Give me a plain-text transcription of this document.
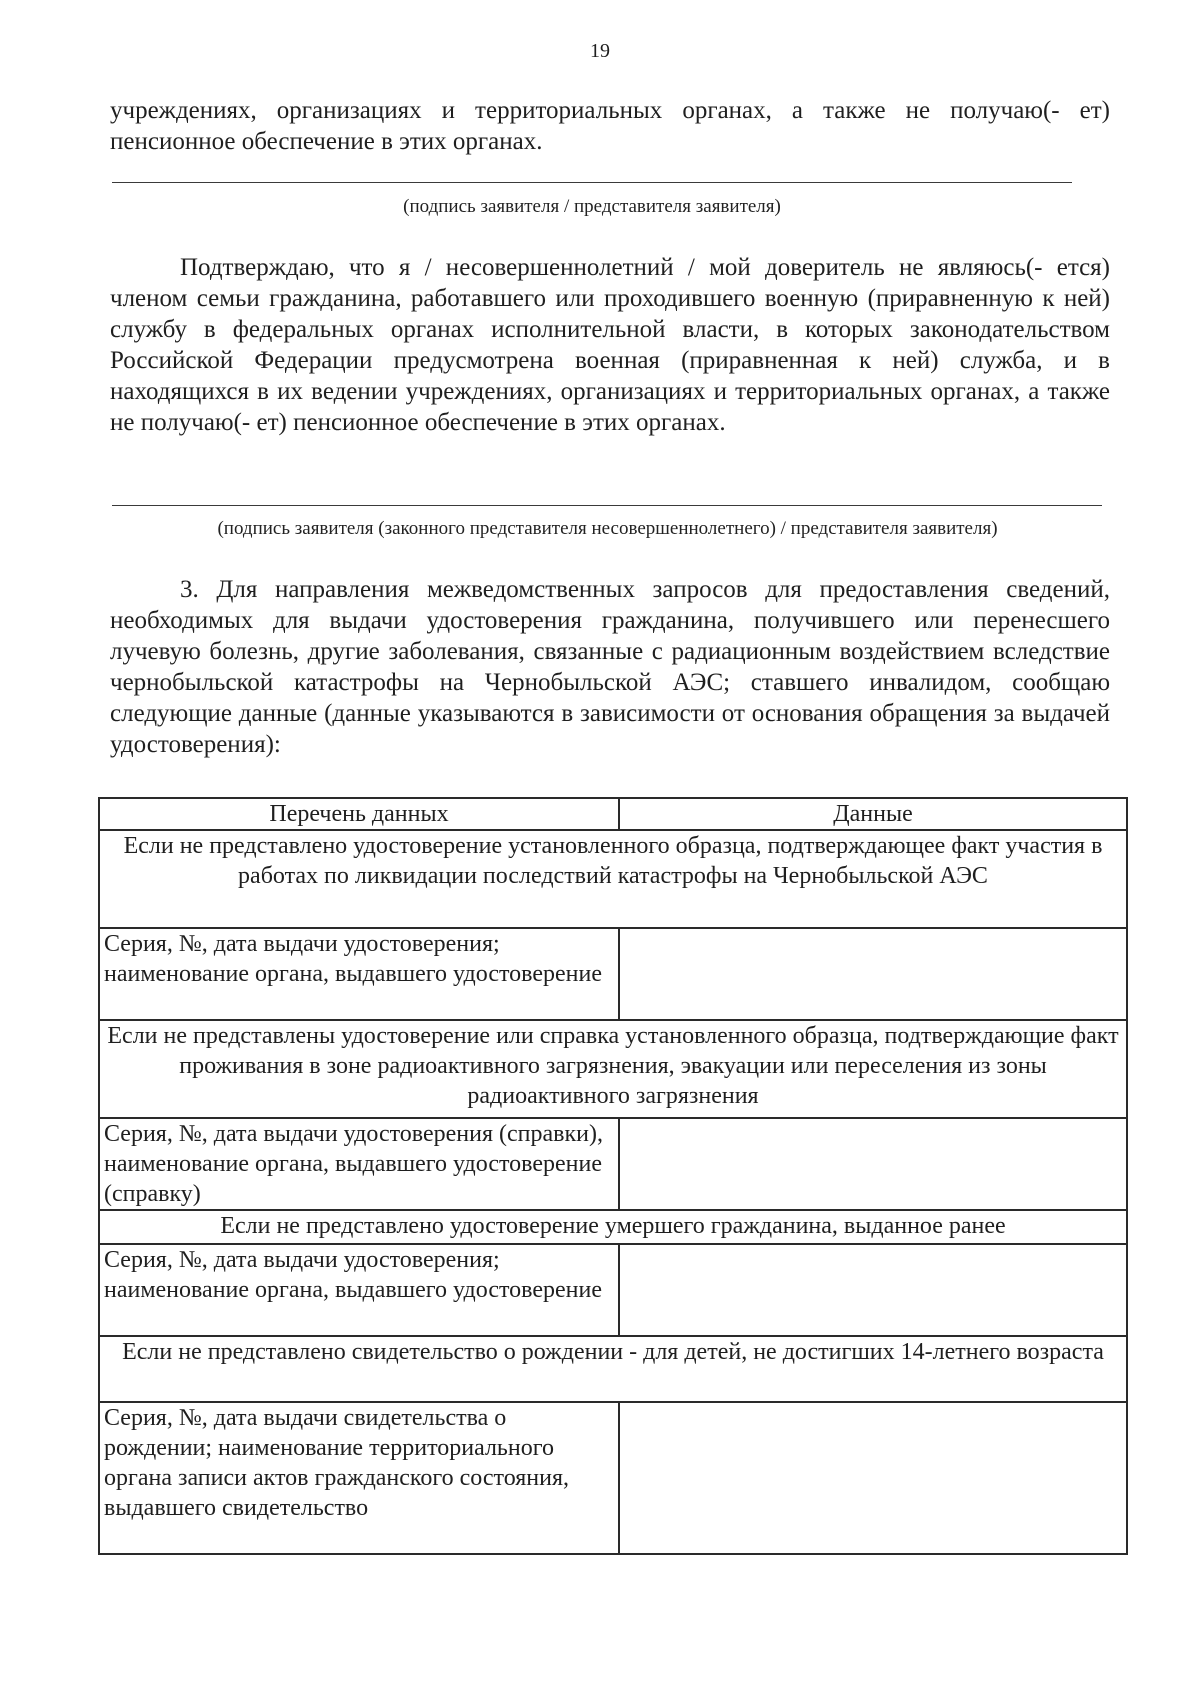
19
учреждениях, организациях и территориальных органах, а также не получаю(- ет) пенсионное обеспечение в этих органах.
(подпись заявителя / представителя заявителя)
Подтверждаю, что я / несовершеннолетний / мой доверитель не являюсь(- ется) членом семьи гражданина, работавшего или проходившего военную (приравненную к ней) службу в федеральных органах исполнительной власти, в которых законодательством Российской Федерации предусмотрена военная (приравненная к ней) служба, и в находящихся в их ведении учреждениях, организациях и территориальных органах, а также не получаю(- ет) пенсионное обеспечение в этих органах.
(подпись заявителя (законного представителя несовершеннолетнего) / представителя заявителя)
3. Для направления межведомственных запросов для предоставления сведений, необходимых для выдачи удостоверения гражданина, получившего или перенесшего лучевую болезнь, другие заболевания, связанные с радиационным воздействием вследствие чернобыльской катастрофы на Чернобыльской АЭС; ставшего инвалидом, сообщаю следующие данные (данные указываются в зависимости от основания обращения за выдачей удостоверения):
Перечень данных	Данные
Если не представлено удостоверение установленного образца, подтверждающее факт участия в работах по ликвидации последствий катастрофы на Чернобыльской АЭС	
Серия, №, дата выдачи удостоверения; наименование органа, выдавшего удостоверение	
Если не представлены удостоверение или справка установленного образца, подтверждающие факт проживания в зоне радиоактивного загрязнения, эвакуации или переселения из зоны радиоактивного загрязнения	
Серия, №, дата выдачи удостоверения (справки), наименование органа, выдавшего удостоверение (справку)	
Если не представлено удостоверение умершего гражданина, выданное ранее	
Серия, №, дата выдачи удостоверения; наименование органа, выдавшего удостоверение	
Если не представлено свидетельство о рождении - для детей, не достигших 14-летнего возраста	
Серия, №, дата выдачи свидетельства о рождении; наименование территориального органа записи актов гражданского состояния, выдавшего свидетельство	
